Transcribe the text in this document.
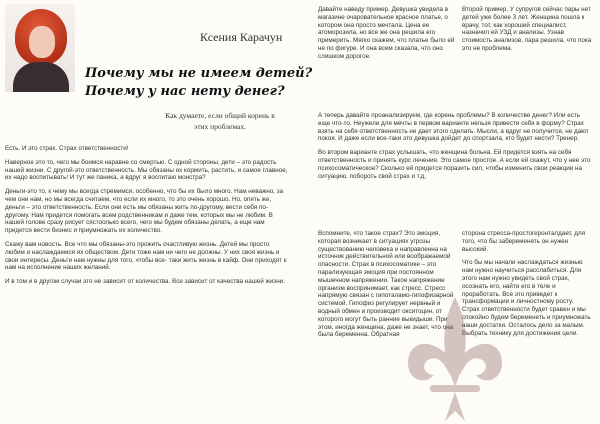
Ксения Карачун
Почему мы не имеем детей?
Почему у нас нету денег?
Как думаете, если общий корень в этих проблемах.

Есть. И это страх. Страх ответственности!

Наверное это то, чего мы боимся наравне со смертью. С одной стороны, дети – это радость нашей жизни. С другой-это ответственность. Мы обязаны их кормить, растить, и самое главное, их надо воспитывать! И тут же паника, а вдруг я воспитаю монстра?

Деньги-это то, к чему мы всегда стремимся, особенно, что бы их было много. Нам неважно, за чем они нам, но мы всегда считаем, что если их много, то это очень хорошо. Но, опять же, деньги – это ответственность. Если они есть мы обязаны жить по-другому, вести себя по-другому. Нам придется помогать всем родственникам и даже тем, которых мы не любим. В нашей голове сразу рисует сястоолько всего, чего мы будем обязаны делать, а еще нам придется вести бизнес и приумножать их количество.

Скажу вам новость. Все что мы обязаны-это прожить счастливую жизнь. Детей мы просто любим и наслаждаемся их обществом. Дети тоже нам ни чего не должны. У них своя жизнь и свои интересы. Деньги нам нужны для того, чтобы все- таки жить жизнь в кайф. Они приходят к нам на исполнение наших желаний.

И в том и в другом случаи это не зависит от количества. Все зависит от качества нашей жизни.

Давайте наведу пример. Девушка увидела в магазине очаровательное красное платье, о котором она просто мечтала. Цена ее атоморозила, но все же она решила его примерить. Мягко скажем, что платье было ей не по фигуре. И она всем сказала, что оно слишком дорогое.

Второй пример. У супругов сейчас пары нет детей уже более 3 лет. Женщина пошла к врачу, тот, как хороший специалист, назначил ей УЗД и анализы. Узнав стоимость анализов, пара решила, что пока это не проблема.

А теперь давайте проанализируем, где корень проблемы? В количестве денег? Или есть еще что-то. Неужели для мечты в первом варианте нельзя привести себя в форму? Страх взять на себя ответственность не дает этого сделать. Мысли, а вдруг не получится, не дают покоя. И даже если все-таки это девушка дойдет до спортзала, кто будет нести? Тренер.

Во втором варианте страх услышать, что женщина больна. Ей придется взять на себя ответственность и принять курс лечения. Это самое простое. А если ей скажут, что у нее это психосоматическое? Сколько ей придется поразить сил, чтобы изменить свои реакции на ситуацию, побороть свой страх и т.д.

Вспомните, что такое страх? Это эмоция, которая возникает в ситуациях угрозы существованию человека и направленна на источник действительной или воображаемой опасности. Страх в психосоматике – это парализующая эмоция при постоянном мышечном напряжении. Такое напряжение организм воспринимает, как стресс. Стресс напрямую связан с гипоталамо-гипофизарной системой. Гипофиз регулирует нервный и водный обмен и производит окситоцин, от которого могут быть ранние выкидыши. При этом, иногда женщина, даже не знает, что она была беременна. Обратная

сторона стресса-простогеронталдает, для того, что бы забеременеть он нужен высокий.

Что бы мы начали наслаждаться жизнью нам нужно научиться расслабиться. Для этого нам нужно увидеть свой страх, осознать его, найти его в теле и проработать. Все это приведет к трансформации и личностному росту. Страх ответственности будет сравен и мы спокойно будем беременеть и приумножать наши достатки. Осталось дело за малым. Выбрать технику для достижения цели.
